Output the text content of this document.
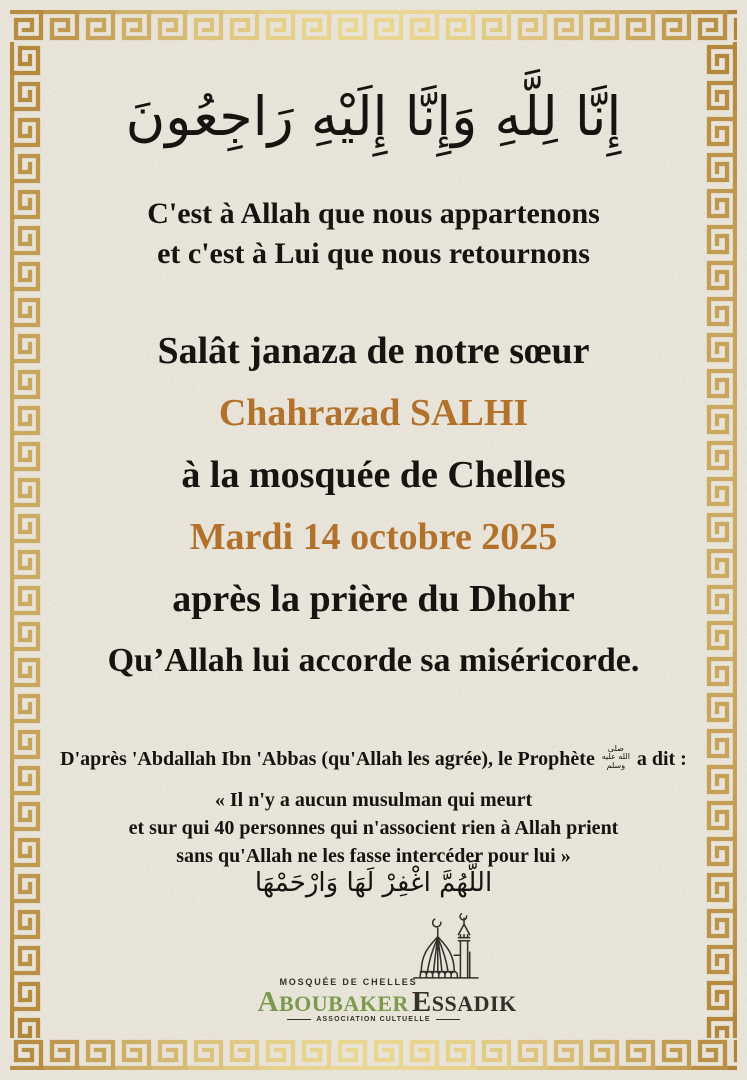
إِنَّا لِلَّهِ وَإِنَّا إِلَيْهِ رَاجِعُونَ
C'est à Allah que nous appartenons
et c'est à Lui que nous retournons
Salât janaza de notre sœur
Chahrazad SALHI
à la mosquée de Chelles
Mardi 14 octobre 2025
après la prière du Dhohr
Qu’Allah lui accorde sa miséricorde.
D'après 'Abdallah Ibn 'Abbas (qu'Allah les agrée), le Prophète صلى الله عليه وسلم a dit :
« Il n'y a aucun musulman qui meurt
et sur qui 40 personnes qui n'associent rien à Allah prient
sans qu'Allah ne les fasse intercéder pour lui »
اللَّهُمَّ اغْفِرْ لَهَا وَارْحَمْهَا
MOSQUÉE DE CHELLES
ABOUBAKER ESSADIK
ASSOCIATION CULTUELLE
